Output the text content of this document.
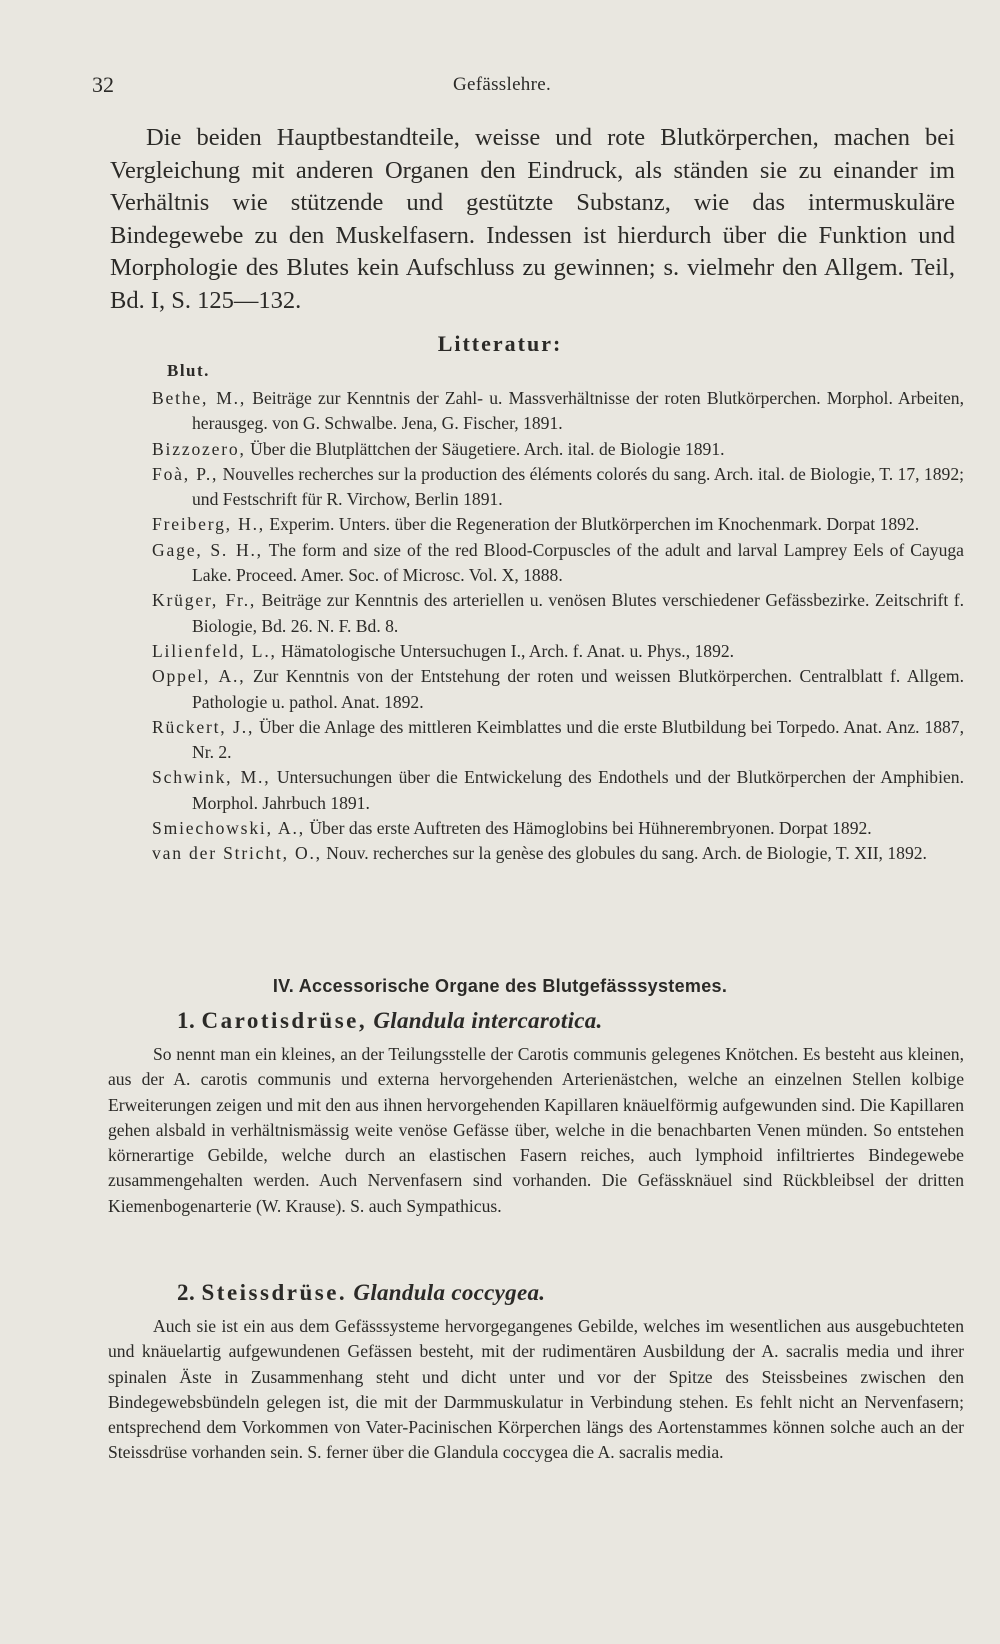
32	Gefässlehre.

Die beiden Hauptbestandteile, weisse und rote Blutkörperchen, machen bei Vergleichung mit anderen Organen den Eindruck, als ständen sie zu einander im Verhältnis wie stützende und gestützte Substanz, wie das intermuskuläre Bindegewebe zu den Muskelfasern. Indessen ist hierdurch über die Funktion und Morphologie des Blutes kein Aufschluss zu gewinnen; s. vielmehr den Allgem. Teil, Bd. I, S. 125—132.

Litteratur:
Blut.
Bethe, M., Beiträge zur Kenntnis der Zahl- u. Massverhältnisse der roten Blutkörperchen. Morphol. Arbeiten, herausgeg. von G. Schwalbe. Jena, G. Fischer, 1891.
Bizzozero, Über die Blutplättchen der Säugetiere. Arch. ital. de Biologie 1891.
Foà, P., Nouvelles recherches sur la production des éléments colorés du sang. Arch. ital. de Biologie, T. 17, 1892; und Festschrift für R. Virchow, Berlin 1891.
Freiberg, H., Experim. Unters. über die Regeneration der Blutkörperchen im Knochenmark. Dorpat 1892.
Gage, S. H., The form and size of the red Blood-Corpuscles of the adult and larval Lamprey Eels of Cayuga Lake. Proceed. Amer. Soc. of Microsc. Vol. X, 1888.
Krüger, Fr., Beiträge zur Kenntnis des arteriellen u. venösen Blutes verschiedener Gefässbezirke. Zeitschrift f. Biologie, Bd. 26. N. F. Bd. 8.
Lilienfeld, L., Hämatologische Untersuchugen I., Arch. f. Anat. u. Phys., 1892.
Oppel, A., Zur Kenntnis von der Entstehung der roten und weissen Blutkörperchen. Centralblatt f. Allgem. Pathologie u. pathol. Anat. 1892.
Rückert, J., Über die Anlage des mittleren Keimblattes und die erste Blutbildung bei Torpedo. Anat. Anz. 1887, Nr. 2.
Schwink, M., Untersuchungen über die Entwickelung des Endothels und der Blutkörperchen der Amphibien. Morphol. Jahrbuch 1891.
Smiechowski, A., Über das erste Auftreten des Hämoglobins bei Hühnerembryonen. Dorpat 1892.
van der Stricht, O., Nouv. recherches sur la genèse des globules du sang. Arch. de Biologie, T. XII, 1892.
IV. Accessorische Organe des Blutgefässsystemes.
1. Carotisdrüse, Glandula intercarotica.

So nennt man ein kleines, an der Teilungsstelle der Carotis communis gelegenes Knötchen. Es besteht aus kleinen, aus der A. carotis communis und externa hervorgehenden Arterienästchen, welche an einzelnen Stellen kolbige Erweiterungen zeigen und mit den aus ihnen hervorgehenden Kapillaren knäuelförmig aufgewunden sind. Die Kapillaren gehen alsbald in verhältnismässig weite venöse Gefässe über, welche in die benachbarten Venen münden. So entstehen körnerartige Gebilde, welche durch an elastischen Fasern reiches, auch lymphoid infiltriertes Bindegewebe zusammengehalten werden. Auch Nervenfasern sind vorhanden. Die Gefässknäuel sind Rückbleibsel der dritten Kiemenbogenarterie (W. Krause). S. auch Sympathicus.

2. Steissdrüse. Glandula coccygea.

Auch sie ist ein aus dem Gefässsysteme hervorgegangenes Gebilde, welches im wesentlichen aus ausgebuchteten und knäuelartig aufgewundenen Gefässen besteht, mit der rudimentären Ausbildung der A. sacralis media und ihrer spinalen Äste in Zusammenhang steht und dicht unter und vor der Spitze des Steissbeines zwischen den Bindegewebsbündeln gelegen ist, die mit der Darmmuskulatur in Verbindung stehen. Es fehlt nicht an Nervenfasern; entsprechend dem Vorkommen von Vater-Pacinischen Körperchen längs des Aortenstammes können solche auch an der Steissdrüse vorhanden sein. S. ferner über die Glandula coccygea die A. sacralis media.
